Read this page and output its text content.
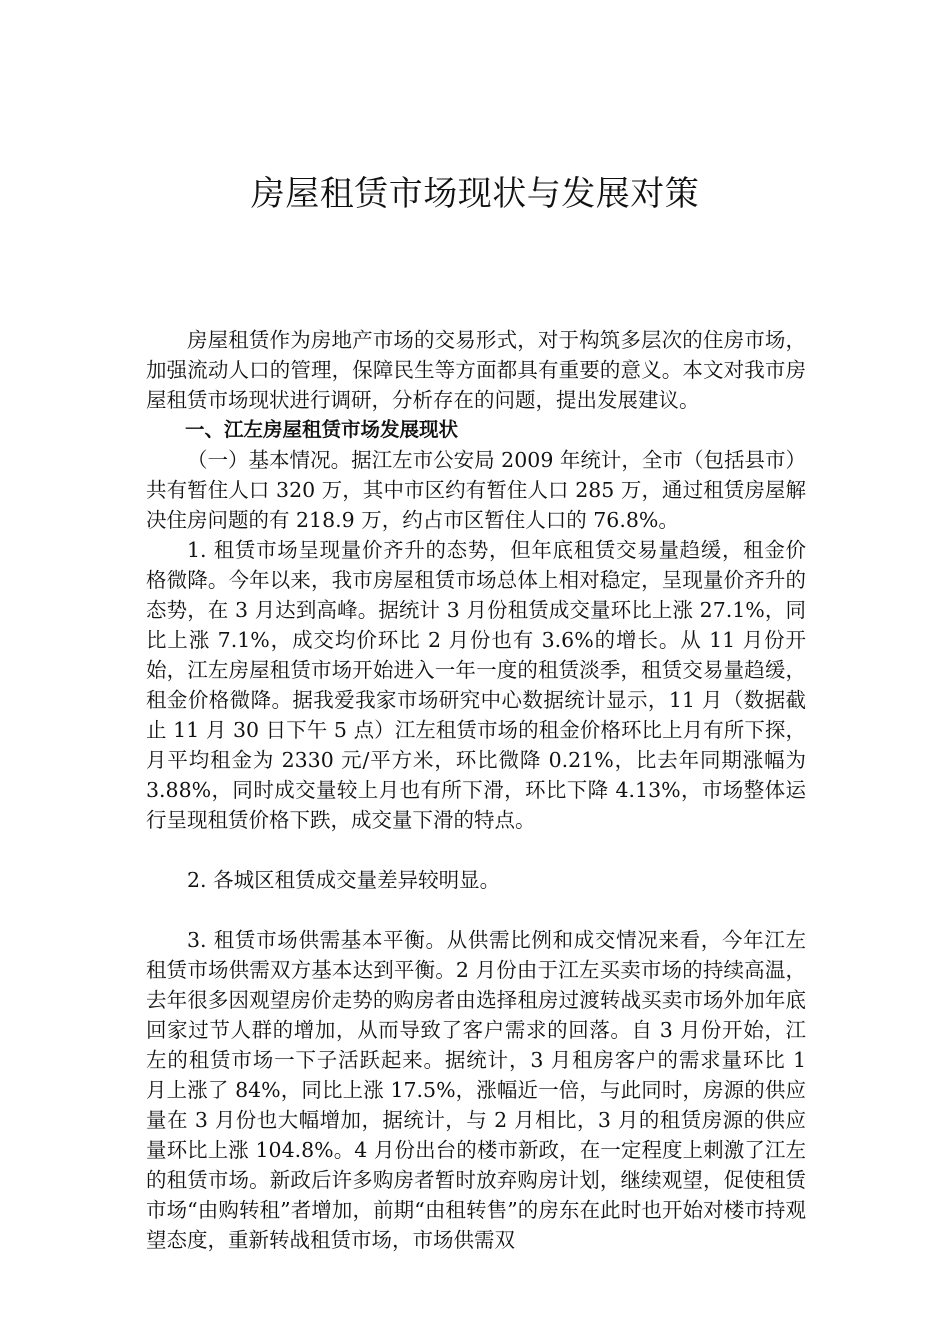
房屋租赁市场现状与发展对策

房屋租赁作为房地产市场的交易形式，对于构筑多层次的住房市场，加强流动人口的管理，保障民生等方面都具有重要的意义。本文对我市房屋租赁市场现状进行调研，分析存在的问题，提出发展建议。

一、江左房屋租赁市场发展现状

（一）基本情况。据江左市公安局 2009 年统计，全市（包括县市）共有暂住人口 320 万，其中市区约有暂住人口 285 万，通过租赁房屋解决住房问题的有 218.9 万，约占市区暂住人口的 76.8%。

1. 租赁市场呈现量价齐升的态势，但年底租赁交易量趋缓，租金价格微降。今年以来，我市房屋租赁市场总体上相对稳定，呈现量价齐升的态势，在 3 月达到高峰。据统计 3 月份租赁成交量环比上涨 27.1%，同比上涨 7.1%，成交均价环比 2 月份也有 3.6%的增长。从 11 月份开始，江左房屋租赁市场开始进入一年一度的租赁淡季，租赁交易量趋缓，租金价格微降。据我爱我家市场研究中心数据统计显示，11 月（数据截止 11 月 30 日下午 5 点）江左租赁市场的租金价格环比上月有所下探，月平均租金为 2330 元/平方米，环比微降 0.21%，比去年同期涨幅为 3.88%，同时成交量较上月也有所下滑，环比下降 4.13%，市场整体运行呈现租赁价格下跌，成交量下滑的特点。

2. 各城区租赁成交量差异较明显。

3. 租赁市场供需基本平衡。从供需比例和成交情况来看，今年江左租赁市场供需双方基本达到平衡。2 月份由于江左买卖市场的持续高温，去年很多因观望房价走势的购房者由选择租房过渡转战买卖市场外加年底回家过节人群的增加，从而导致了客户需求的回落。自 3 月份开始，江左的租赁市场一下子活跃起来。据统计，3 月租房客户的需求量环比 1 月上涨了 84%，同比上涨 17.5%，涨幅近一倍，与此同时，房源的供应量在 3 月份也大幅增加，据统计，与 2 月相比，3 月的租赁房源的供应量环比上涨 104.8%。4 月份出台的楼市新政，在一定程度上刺激了江左的租赁市场。新政后许多购房者暂时放弃购房计划，继续观望，促使租赁市场“由购转租”者增加，前期“由租转售”的房东在此时也开始对楼市持观望态度，重新转战租赁市场，市场供需双
